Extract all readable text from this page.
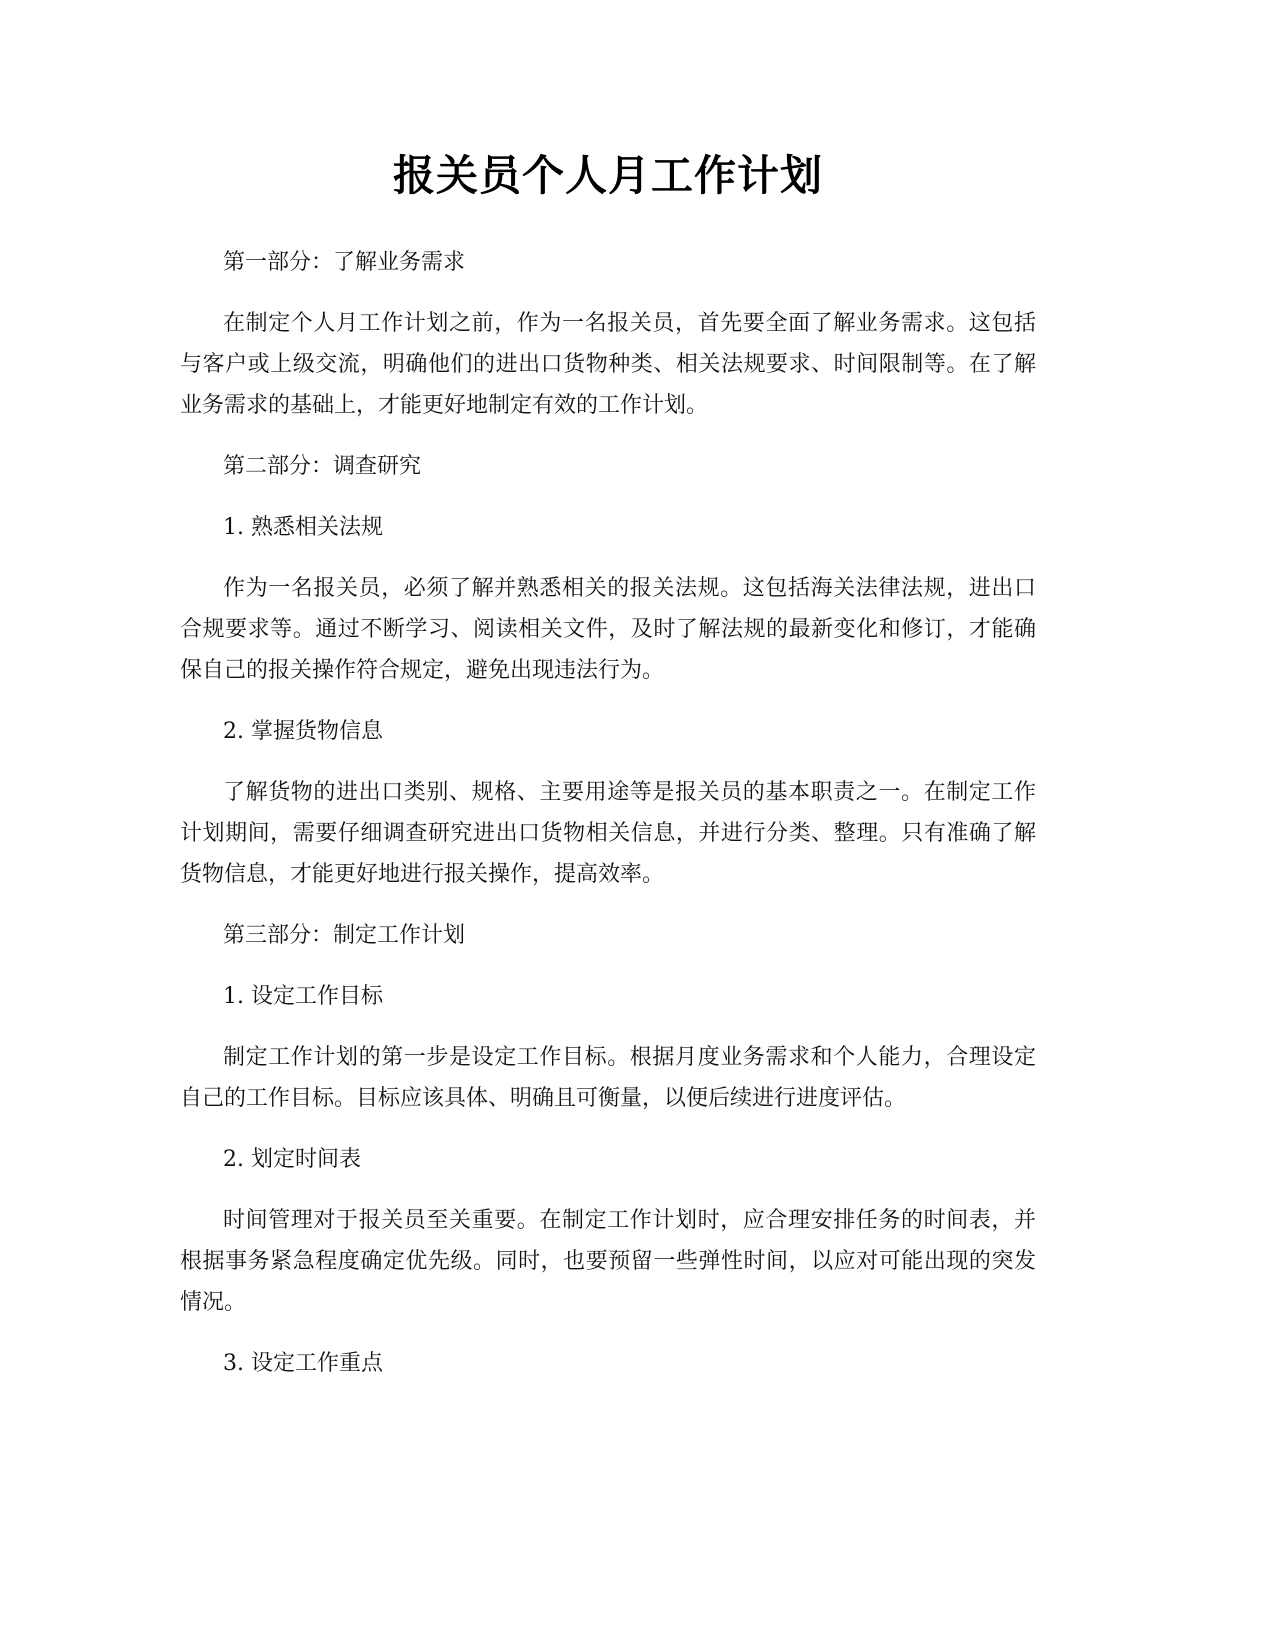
报关员个人月工作计划

第一部分：了解业务需求

在制定个人月工作计划之前，作为一名报关员，首先要全面了解业务需求。这包括与客户或上级交流，明确他们的进出口货物种类、相关法规要求、时间限制等。在了解业务需求的基础上，才能更好地制定有效的工作计划。

第二部分：调查研究

1. 熟悉相关法规

作为一名报关员，必须了解并熟悉相关的报关法规。这包括海关法律法规，进出口合规要求等。通过不断学习、阅读相关文件，及时了解法规的最新变化和修订，才能确保自己的报关操作符合规定，避免出现违法行为。

2. 掌握货物信息

了解货物的进出口类别、规格、主要用途等是报关员的基本职责之一。在制定工作计划期间，需要仔细调查研究进出口货物相关信息，并进行分类、整理。只有准确了解货物信息，才能更好地进行报关操作，提高效率。

第三部分：制定工作计划

1. 设定工作目标

制定工作计划的第一步是设定工作目标。根据月度业务需求和个人能力，合理设定自己的工作目标。目标应该具体、明确且可衡量，以便后续进行进度评估。

2. 划定时间表

时间管理对于报关员至关重要。在制定工作计划时，应合理安排任务的时间表，并根据事务紧急程度确定优先级。同时，也要预留一些弹性时间，以应对可能出现的突发情况。

3. 设定工作重点
